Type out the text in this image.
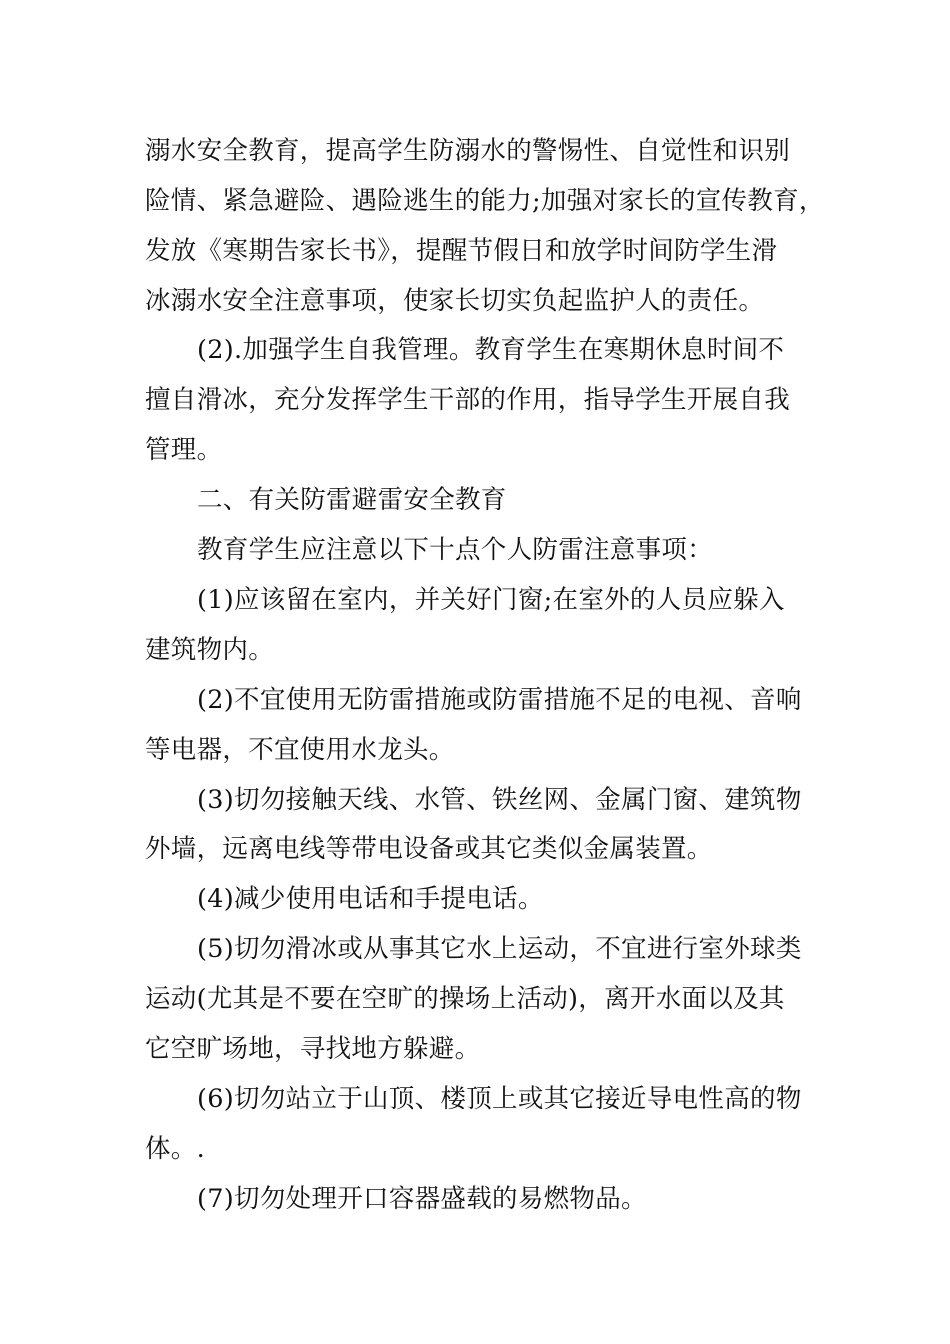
溺水安全教育，提高学生防溺水的警惕性、自觉性和识别
险情、紧急避险、遇险逃生的能力;加强对家长的宣传教育，
发放《寒期告家长书》，提醒节假日和放学时间防学生滑
冰溺水安全注意事项，使家长切实负起监护人的责任。
(2).加强学生自我管理。教育学生在寒期休息时间不
擅自滑冰，充分发挥学生干部的作用，指导学生开展自我
管理。
二、有关防雷避雷安全教育
教育学生应注意以下十点个人防雷注意事项：
(1)应该留在室内，并关好门窗;在室外的人员应躲入
建筑物内。
(2)不宜使用无防雷措施或防雷措施不足的电视、音响
等电器，不宜使用水龙头。
(3)切勿接触天线、水管、铁丝网、金属门窗、建筑物
外墙，远离电线等带电设备或其它类似金属装置。
(4)减少使用电话和手提电话。
(5)切勿滑冰或从事其它水上运动，不宜进行室外球类
运动(尤其是不要在空旷的操场上活动)，离开水面以及其
它空旷场地，寻找地方躲避。
(6)切勿站立于山顶、楼顶上或其它接近导电性高的物
体。.
(7)切勿处理开口容器盛载的易燃物品。
